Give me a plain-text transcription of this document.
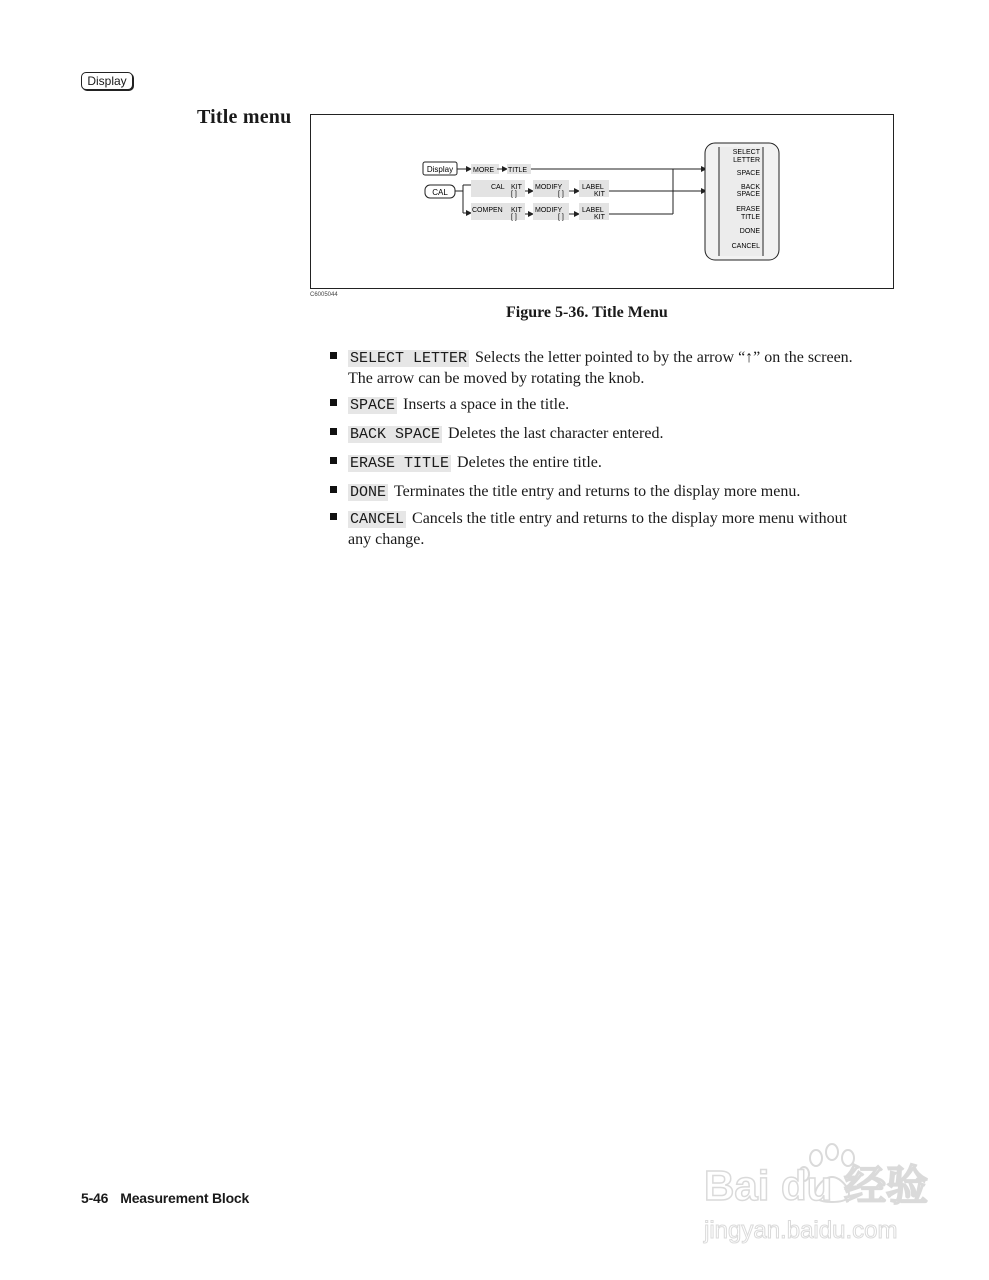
Display
Title menu
Display
CAL
MORE TITLE
CAL KIT
[ ]
MODIFY
[ ]
LABEL
KIT
COMPEN KIT
[ ]
MODIFY
[ ]
LABEL
KIT
SELECT
LETTER
SPACE
BACK
SPACE
ERASE
TITLE
DONE
CANCEL
C6005044
Figure 5-36. Title Menu
SELECT LETTER Selects the letter pointed to by the arrow “↑” on the screen. The arrow can be moved by rotating the knob.
SPACE Inserts a space in the title.
BACK SPACE Deletes the last character entered.
ERASE TITLE Deletes the entire title.
DONE Terminates the title entry and returns to the display more menu.
CANCEL Cancels the title entry and returns to the display more menu without any change.
5-46 Measurement Block	Bai du 经验
jingyan.baidu.com
